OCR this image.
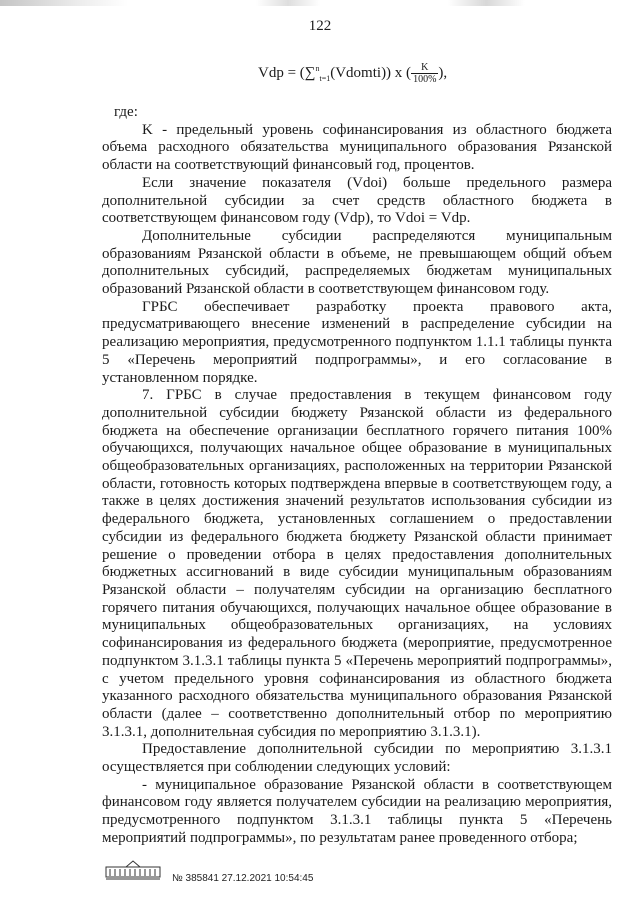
122
Vdp = (∑$^n_{t=1}$(Vdomti)) x ( $\frac{K}{100\%}$ ),

где:

K - предельный уровень софинансирования из областного бюджета объема расходного обязательства муниципального образования Рязанской области на соответствующий финансовый год, процентов.

Если значение показателя (Vdoi) больше предельного размера дополнительной субсидии за счет средств областного бюджета в соответствующем финансовом году (Vdp), то Vdoi = Vdp.

Дополнительные субсидии распределяются муниципальным образованиям Рязанской области в объеме, не превышающем общий объем дополнительных субсидий, распределяемых бюджетам муниципальных образований Рязанской области в соответствующем финансовом году.

ГРБС обеспечивает разработку проекта правового акта, предусматривающего внесение изменений в распределение субсидии на реализацию мероприятия, предусмотренного подпунктом 1.1.1 таблицы пункта 5 «Перечень мероприятий подпрограммы», и его согласование в установленном порядке.

7. ГРБС в случае предоставления в текущем финансовом году дополнительной субсидии бюджету Рязанской области из федерального бюджета на обеспечение организации бесплатного горячего питания 100% обучающихся, получающих начальное общее образование в муниципальных общеобразовательных организациях, расположенных на территории Рязанской области, готовность которых подтверждена впервые в соответствующем году, а также в целях достижения значений результатов использования субсидии из федерального бюджета, установленных соглашением о предоставлении субсидии из федерального бюджета бюджету Рязанской области принимает решение о проведении отбора в целях предоставления дополнительных бюджетных ассигнований в виде субсидии муниципальным образованиям Рязанской области – получателям субсидии на организацию бесплатного горячего питания обучающихся, получающих начальное общее образование в муниципальных общеобразовательных организациях, на условиях софинансирования из федерального бюджета (мероприятие, предусмотренное подпунктом 3.1.3.1 таблицы пункта 5 «Перечень мероприятий подпрограммы», с учетом предельного уровня софинансирования из областного бюджета указанного расходного обязательства муниципального образования Рязанской области (далее – соответственно дополнительный отбор по мероприятию 3.1.3.1, дополнительная субсидия по мероприятию 3.1.3.1).

Предоставление дополнительной субсидии по мероприятию 3.1.3.1 осуществляется при соблюдении следующих условий:

- муниципальное образование Рязанской области в соответствующем финансовом году является получателем субсидии на реализацию мероприятия, предусмотренного подпунктом 3.1.3.1 таблицы пункта 5 «Перечень мероприятий подпрограммы», по результатам ранее проведенного отбора;

№ 385841 27.12.2021 10:54:45
